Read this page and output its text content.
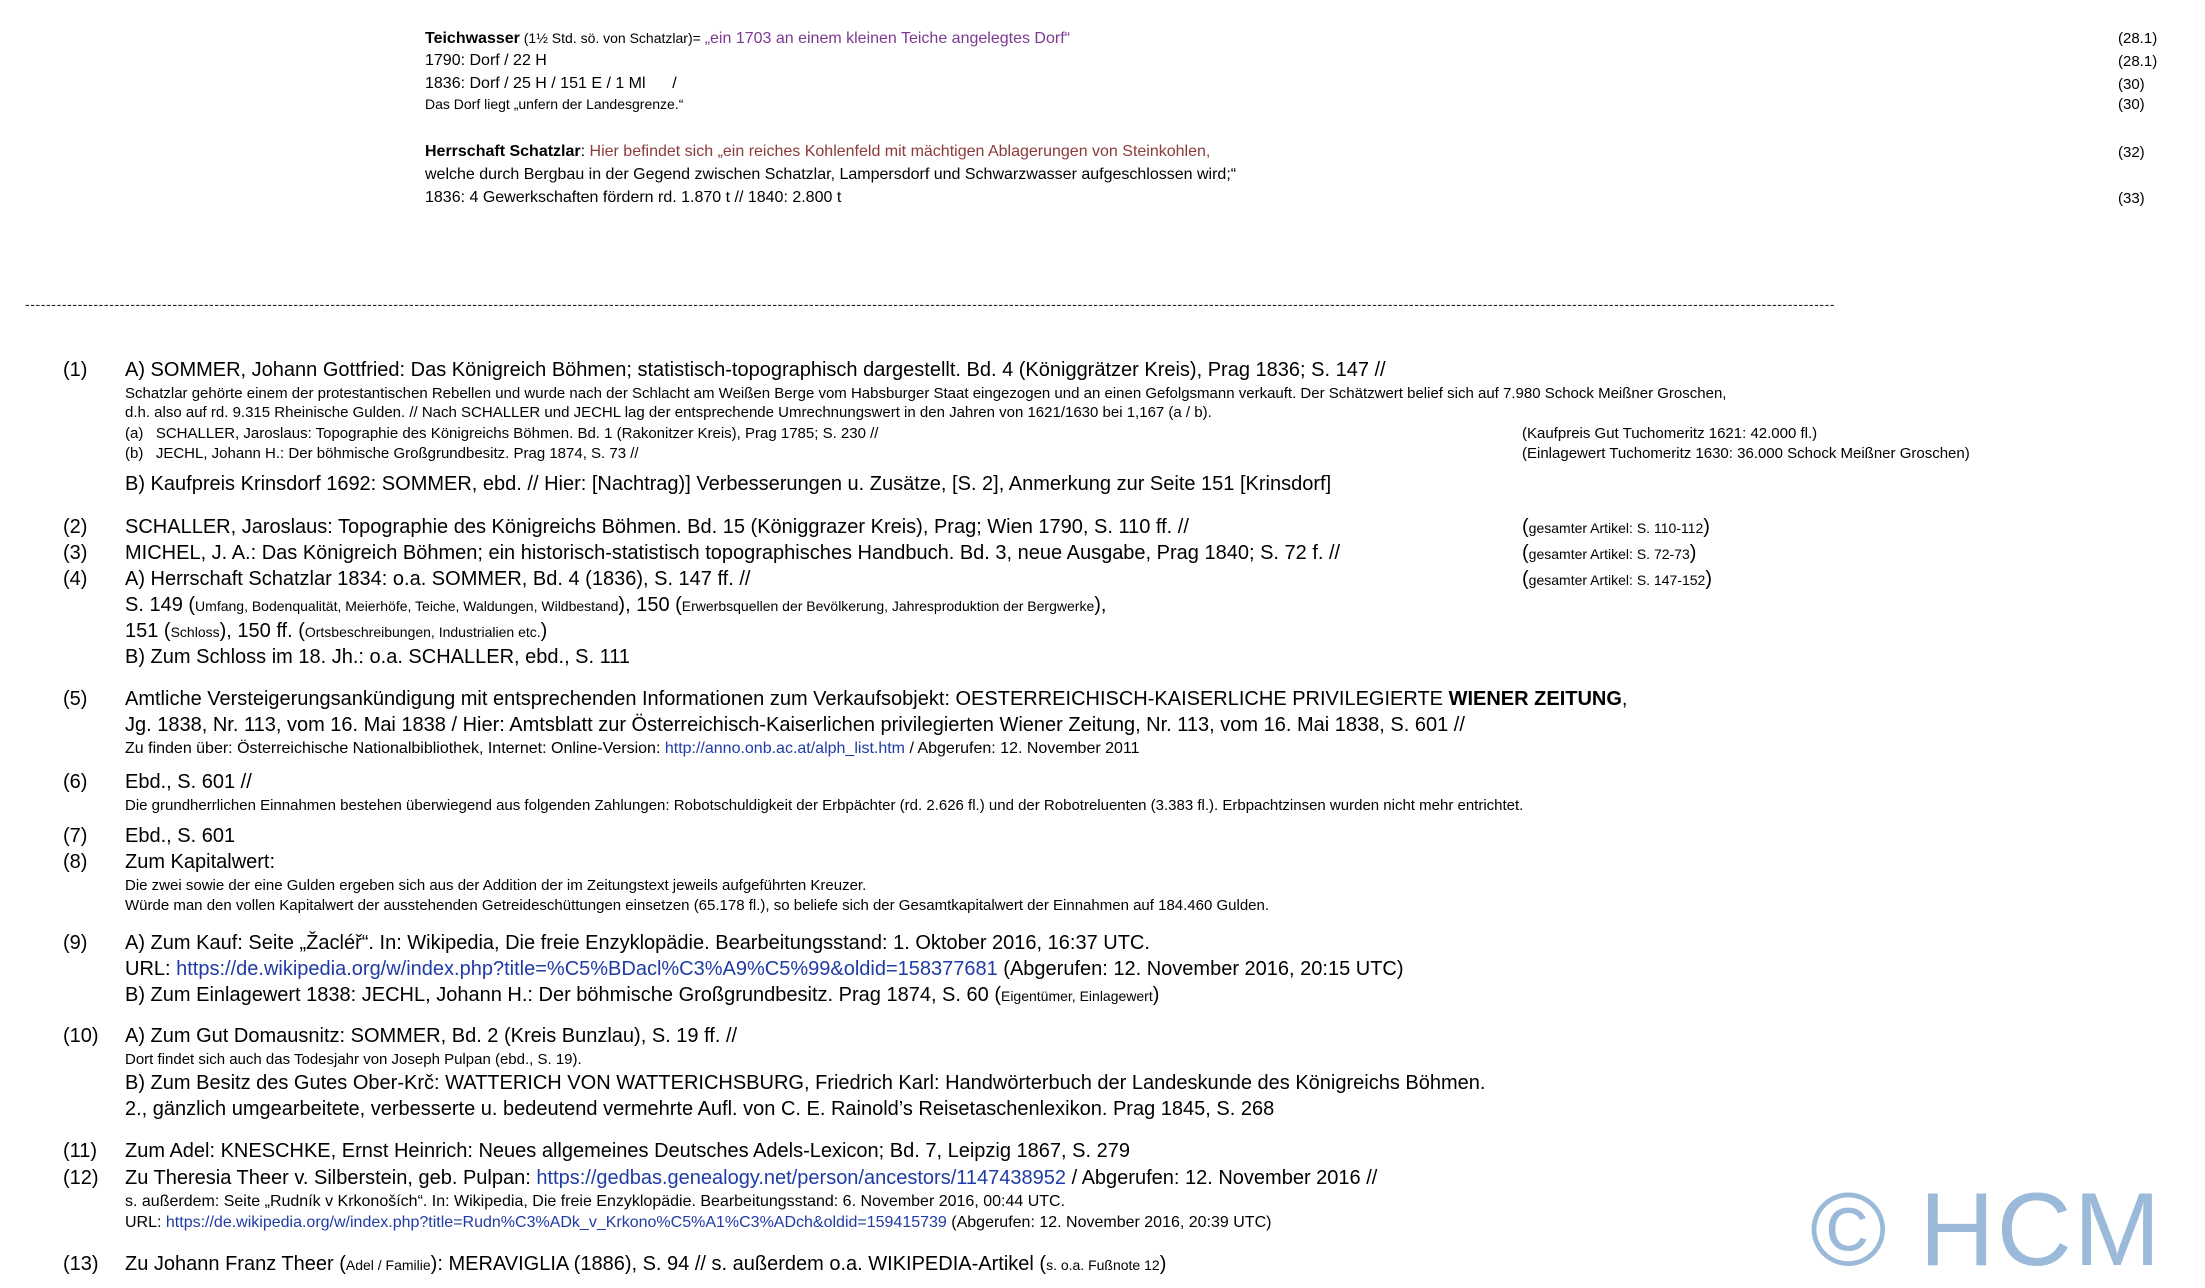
Teichwasser (1½ Std. sö. von Schatzlar)= „ein 1703 an einem kleinen Teiche angelegtes Dorf“	(28.1)
1790: Dorf / 22 H	(28.1)
1836: Dorf / 25 H / 151 E / 1 Ml      /	(30)
Das Dorf liegt „unfern der Landesgrenze.“	(30)
Herrschaft Schatzlar: Hier befindet sich „ein reiches Kohlenfeld mit mächtigen Ablagerungen von Steinkohlen,	(32)
welche durch Bergbau in der Gegend zwischen Schatzlar, Lampersdorf und Schwarzwasser aufgeschlossen wird;“
1836: 4 Gewerkschaften fördern rd. 1.870 t // 1840: 2.800 t	(33)
--------------------------------------------------------------------------------------------------------------------------------------------------------------------------------------------------------------------------------------------------------------------------------------------------------------------------------------------------------
(1) A) SOMMER, Johann Gottfried: Das Königreich Böhmen; statistisch-topographisch dargestellt. Bd. 4 (Königgrätzer Kreis), Prag 1836; S. 147 //
Schatzlar gehörte einem der protestantischen Rebellen und wurde nach der Schlacht am Weißen Berge vom Habsburger Staat eingezogen und an einen Gefolgsmann verkauft. Der Schätzwert belief sich auf 7.980 Schock Meißner Groschen,
d.h. also auf rd. 9.315 Rheinische Gulden. // Nach SCHALLER und JECHL lag der entsprechende Umrechnungswert in den Jahren von 1621/1630 bei 1,167 (a / b).
(a)   SCHALLER, Jaroslaus: Topographie des Königreichs Böhmen. Bd. 1 (Rakonitzer Kreis), Prag 1785; S. 230 //	(Kaufpreis Gut Tuchomeritz 1621: 42.000 fl.)
(b)   JECHL, Johann H.: Der böhmische Großgrundbesitz. Prag 1874, S. 73 //	(Einlagewert Tuchomeritz 1630: 36.000 Schock Meißner Groschen)
B) Kaufpreis Krinsdorf 1692: SOMMER, ebd. // Hier: [Nachtrag)] Verbesserungen u. Zusätze, [S. 2], Anmerkung zur Seite 151 [Krinsdorf]
(2) SCHALLER, Jaroslaus: Topographie des Königreichs Böhmen. Bd. 15 (Königgrazer Kreis), Prag; Wien 1790, S. 110 ff. //	(gesamter Artikel: S. 110-112)
(3) MICHEL, J. A.: Das Königreich Böhmen; ein historisch-statistisch topographisches Handbuch. Bd. 3, neue Ausgabe, Prag 1840; S. 72 f. //	(gesamter Artikel: S. 72-73)
(4) A) Herrschaft Schatzlar 1834: o.a. SOMMER, Bd. 4 (1836), S. 147 ff. //	(gesamter Artikel: S. 147-152)
S. 149 (Umfang, Bodenqualität, Meierhöfe, Teiche, Waldungen, Wildbestand), 150 (Erwerbsquellen der Bevölkerung, Jahresproduktion der Bergwerke),
151 (Schloss), 150 ff. (Ortsbeschreibungen, Industrialien etc.)
B) Zum Schloss im 18. Jh.: o.a. SCHALLER, ebd., S. 111
(5) Amtliche Versteigerungsankündigung mit entsprechenden Informationen zum Verkaufsobjekt: OESTERREICHISCH-KAISERLICHE PRIVILEGIERTE WIENER ZEITUNG,
Jg. 1838, Nr. 113, vom 16. Mai 1838 / Hier: Amtsblatt zur Österreichisch-Kaiserlichen privilegierten Wiener Zeitung, Nr. 113, vom 16. Mai 1838, S. 601 //
Zu finden über: Österreichische Nationalbibliothek, Internet: Online-Version: http://anno.onb.ac.at/alph_list.htm / Abgerufen: 12. November 2011
(6) Ebd., S. 601 //
Die grundherrlichen Einnahmen bestehen überwiegend aus folgenden Zahlungen: Robotschuldigkeit der Erbpächter (rd. 2.626 fl.) und der Robotreluenten (3.383 fl.). Erbpachtzinsen wurden nicht mehr entrichtet.
(7) Ebd., S. 601
(8) Zum Kapitalwert:
Die zwei sowie der eine Gulden ergeben sich aus der Addition der im Zeitungstext jeweils aufgeführten Kreuzer.
Würde man den vollen Kapitalwert der ausstehenden Getreideschüttungen einsetzen (65.178 fl.), so beliefe sich der Gesamtkapitalwert der Einnahmen auf 184.460 Gulden.
(9) A) Zum Kauf: Seite „Žacléř“. In: Wikipedia, Die freie Enzyklopädie. Bearbeitungsstand: 1. Oktober 2016, 16:37 UTC.
URL: https://de.wikipedia.org/w/index.php?title=%C5%BDacl%C3%A9%C5%99&oldid=158377681 (Abgerufen: 12. November 2016, 20:15 UTC)
B) Zum Einlagewert 1838: JECHL, Johann H.: Der böhmische Großgrundbesitz. Prag 1874, S. 60 (Eigentümer, Einlagewert)
(10) A) Zum Gut Domausnitz: SOMMER, Bd. 2 (Kreis Bunzlau), S. 19 ff. //
Dort findet sich auch das Todesjahr von Joseph Pulpan (ebd., S. 19).
B) Zum Besitz des Gutes Ober-Krč: WATTERICH VON WATTERICHSBURG, Friedrich Karl: Handwörterbuch der Landeskunde des Königreichs Böhmen.
2., gänzlich umgearbeitete, verbesserte u. bedeutend vermehrte Aufl. von C. E. Rainold’s Reisetaschenlexikon. Prag 1845, S. 268
(11) Zum Adel: KNESCHKE, Ernst Heinrich: Neues allgemeines Deutsches Adels-Lexicon; Bd. 7, Leipzig 1867, S. 279
(12) Zu Theresia Theer v. Silberstein, geb. Pulpan: https://gedbas.genealogy.net/person/ancestors/1147438952 / Abgerufen: 12. November 2016 //
s. außerdem: Seite „Rudník v Krkonoších“. In: Wikipedia, Die freie Enzyklopädie. Bearbeitungsstand: 6. November 2016, 00:44 UTC.
URL: https://de.wikipedia.org/w/index.php?title=Rudn%C3%ADk_v_Krkono%C5%A1%C3%ADch&oldid=159415739 (Abgerufen: 12. November 2016, 20:39 UTC)
(13) Zu Johann Franz Theer (Adel / Familie): MERAVIGLIA (1886), S. 94 // s. außerdem o.a. WIKIPEDIA-Artikel (s. o.a. Fußnote 12)	© HCM
